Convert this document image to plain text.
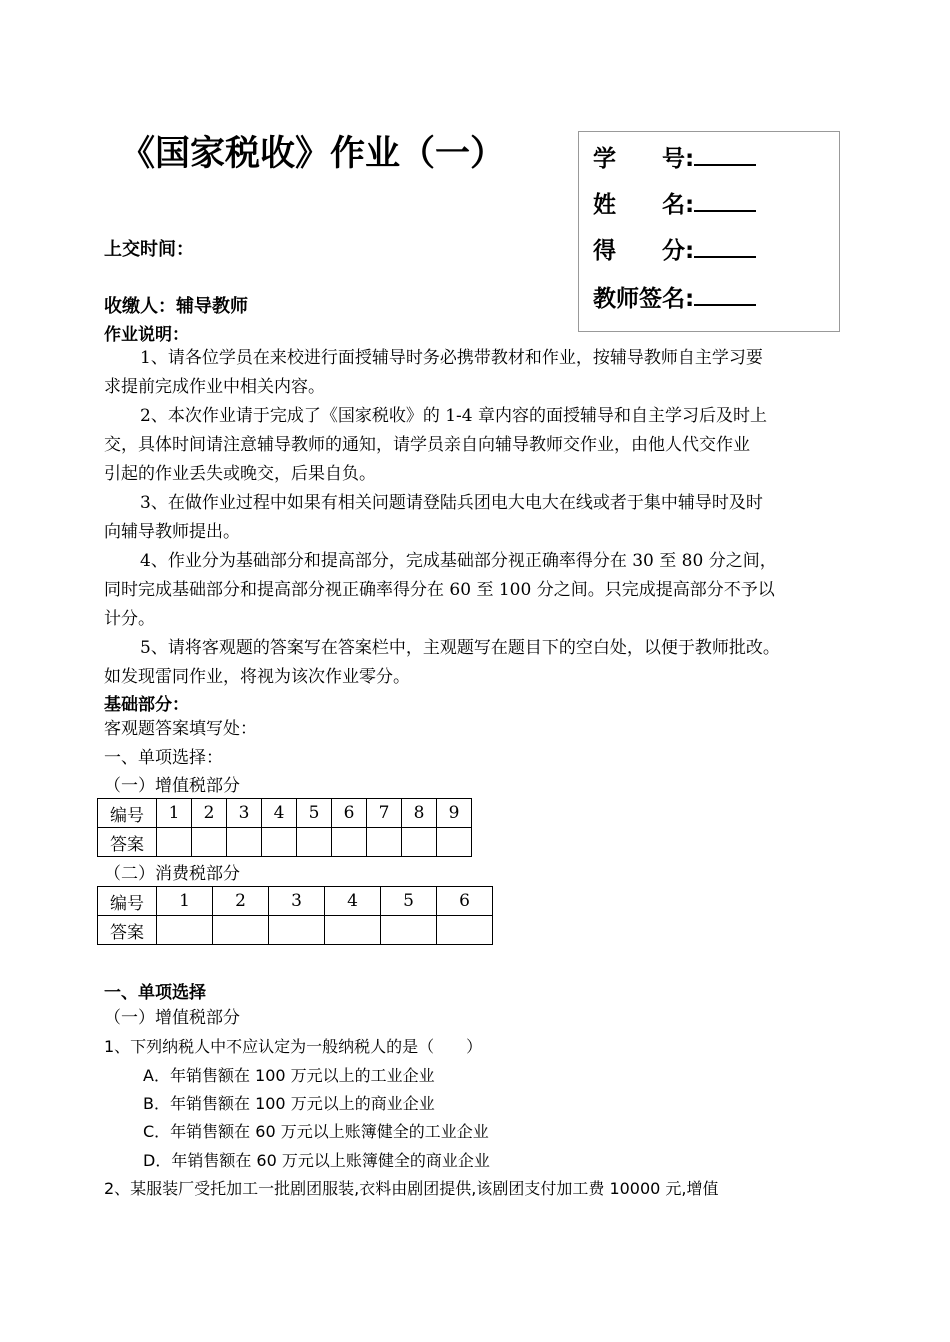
《国家税收》作业（一）	学　　号:
姓　　名:
得　　分:
教师签名:
上交时间：
收缴人：辅导教师
作业说明：
1、请各位学员在来校进行面授辅导时务必携带教材和作业，按辅导教师自主学习要
求提前完成作业中相关内容。
2、本次作业请于完成了《国家税收》的 1-4 章内容的面授辅导和自主学习后及时上
交，具体时间请注意辅导教师的通知，请学员亲自向辅导教师交作业，由他人代交作业
引起的作业丢失或晚交，后果自负。
3、在做作业过程中如果有相关问题请登陆兵团电大电大在线或者于集中辅导时及时
向辅导教师提出。
4、作业分为基础部分和提高部分，完成基础部分视正确率得分在 30 至 80 分之间，
同时完成基础部分和提高部分视正确率得分在 60 至 100 分之间。只完成提高部分不予以
计分。
5、请将客观题的答案写在答案栏中，主观题写在题目下的空白处，以便于教师批改。
如发现雷同作业，将视为该次作业零分。
基础部分：
客观题答案填写处：
一、单项选择：
（一）增值税部分
编号	1	2	3	4	5	6	7	8	9
答案									
（二）消费税部分
编号	1	2	3	4	5	6
答案						
一、单项选择
（一）增值税部分
1、下列纳税人中不应认定为一般纳税人的是（　　）
A．年销售额在 100 万元以上的工业企业
B．年销售额在 100 万元以上的商业企业
C．年销售额在 60 万元以上账簿健全的工业企业
D．年销售额在 60 万元以上账簿健全的商业企业
2、某服装厂受托加工一批剧团服装,衣料由剧团提供,该剧团支付加工费 10000 元,增值
